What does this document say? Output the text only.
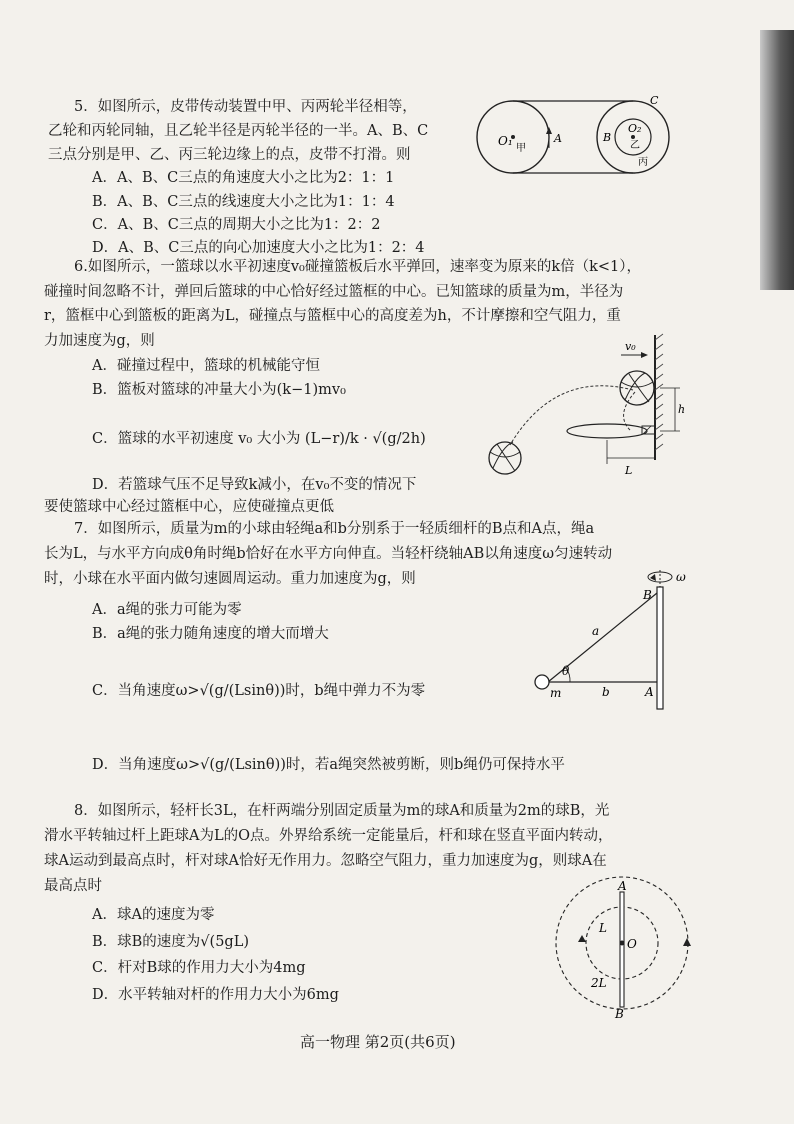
5．如图所示，皮带传动装置中甲、丙两轮半径相等，
乙轮和丙轮同轴，且乙轮半径是丙轮半径的一半。A、B、C
三点分别是甲、乙、丙三轮边缘上的点，皮带不打滑。则
A．A、B、C三点的角速度大小之比为2：1：1
B．A、B、C三点的线速度大小之比为1：1：4
C．A、B、C三点的周期大小之比为1：2：2
D．A、B、C三点的向心加速度大小之比为1：2：4
O₁
甲
A	B
O₂
乙
丙
C
6.如图所示，一篮球以水平初速度v₀碰撞篮板后水平弹回，速率变为原来的k倍（k<1），
碰撞时间忽略不计，弹回后篮球的中心恰好经过篮框的中心。已知篮球的质量为m，半径为
r，篮框中心到篮板的距离为L，碰撞点与篮框中心的高度差为h，不计摩擦和空气阻力，重
力加速度为g，则
A．碰撞过程中，篮球的机械能守恒
B．篮板对篮球的冲量大小为(k−1)mv₀
C．篮球的水平初速度 v₀ 大小为 (L−r)/k · √(g/2h)
D．若篮球气压不足导致k减小，在v₀不变的情况下
要使篮球中心经过篮框中心，应使碰撞点更低
v₀
h
L
7．如图所示，质量为m的小球由轻绳a和b分别系于一轻质细杆的B点和A点，绳a
长为L，与水平方向成θ角时绳b恰好在水平方向伸直。当轻杆绕轴AB以角速度ω匀速转动
时，小球在水平面内做匀速圆周运动。重力加速度为g，则
A．a绳的张力可能为零
B．a绳的张力随角速度的增大而增大
C．当角速度ω>√(g/(Lsinθ))时，b绳中弹力不为零
D．当角速度ω>√(g/(Lsinθ))时，若a绳突然被剪断，则b绳仍可保持水平
ω
B
a
θ
m	b	A
8．如图所示，轻杆长3L，在杆两端分别固定质量为m的球A和质量为2m的球B，光
滑水平转轴过杆上距球A为L的O点。外界给系统一定能量后，杆和球在竖直平面内转动，
球A运动到最高点时，杆对球A恰好无作用力。忽略空气阻力，重力加速度为g，则球A在
最高点时
A．球A的速度为零
B．球B的速度为√(5gL)
C．杆对B球的作用力大小为4mg
D．水平转轴对杆的作用力大小为6mg
A
L
O
2L
B
高一物理 第2页(共6页)
